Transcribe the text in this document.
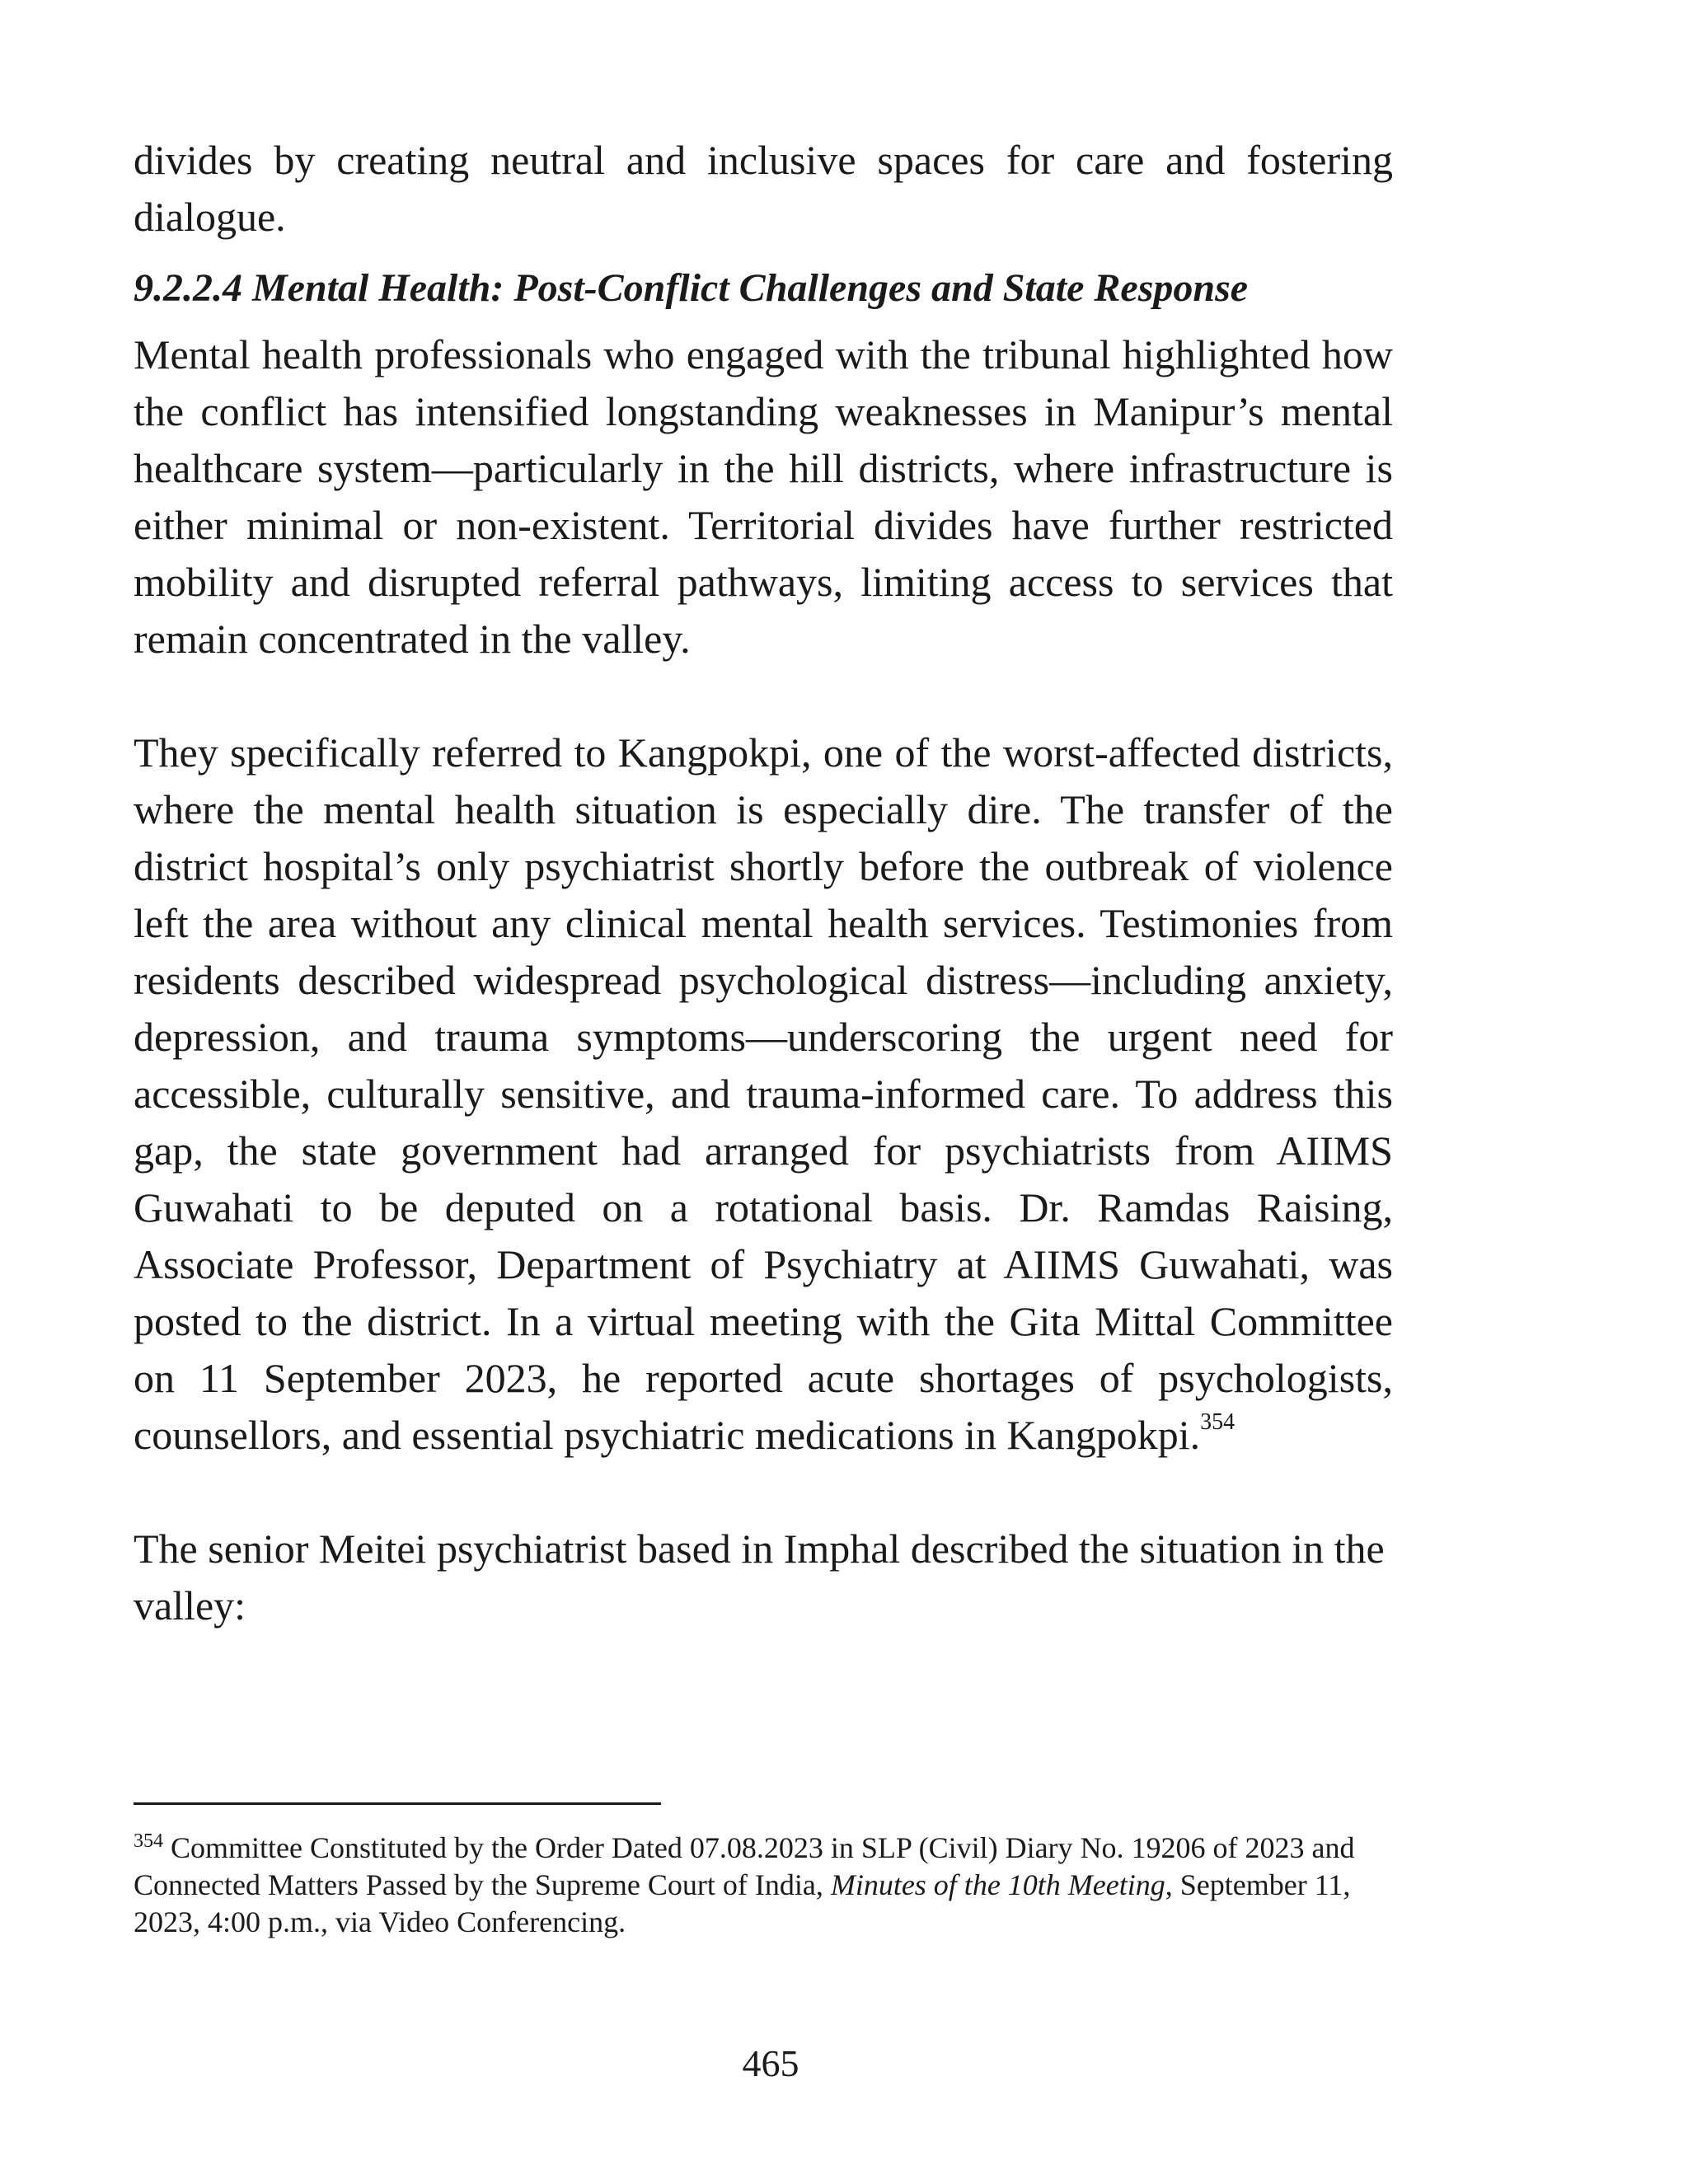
divides by creating neutral and inclusive spaces for care and fostering dialogue.

9.2.2.4 Mental Health: Post-Conflict Challenges and State Response

Mental health professionals who engaged with the tribunal highlighted how the conflict has intensified longstanding weaknesses in Manipur’s mental healthcare system—particularly in the hill districts, where infrastructure is either minimal or non-existent. Territorial divides have further restricted mobility and disrupted referral pathways, limiting access to services that remain concentrated in the valley.

They specifically referred to Kangpokpi, one of the worst-affected districts, where the mental health situation is especially dire. The transfer of the district hospital’s only psychiatrist shortly before the outbreak of violence left the area without any clinical mental health services. Testimonies from residents described widespread psychological distress—including anxiety, depression, and trauma symptoms—underscoring the urgent need for accessible, culturally sensitive, and trauma-informed care. To address this gap, the state government had arranged for psychiatrists from AIIMS Guwahati to be deputed on a rotational basis. Dr. Ramdas Raising, Associate Professor, Department of Psychiatry at AIIMS Guwahati, was posted to the district. In a virtual meeting with the Gita Mittal Committee on 11 September 2023, he reported acute shortages of psychologists, counsellors, and essential psychiatric medications in Kangpokpi.$^{354}$

The senior Meitei psychiatrist based in Imphal described the situation in the valley:

$^{354}$ Committee Constituted by the Order Dated 07.08.2023 in SLP (Civil) Diary No. 19206 of 2023 and Connected Matters Passed by the Supreme Court of India, Minutes of the 10th Meeting, September 11, 2023, 4:00 p.m., via Video Conferencing.
465
